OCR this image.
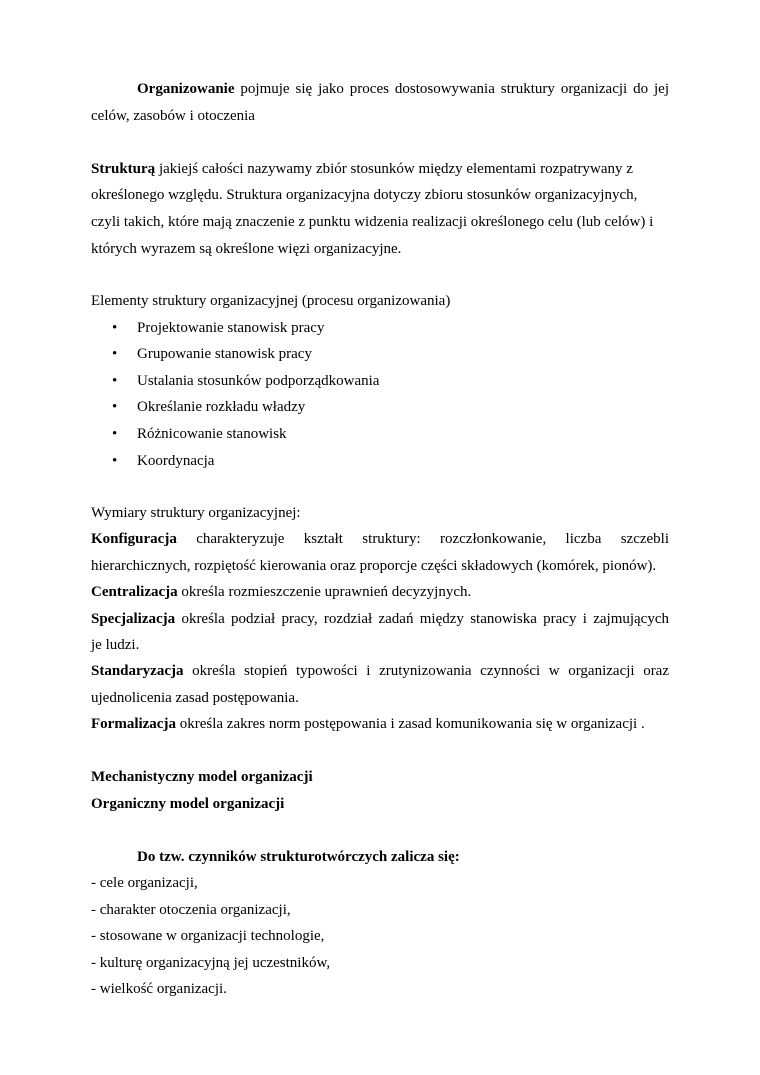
Organizowanie pojmuje się jako proces dostosowywania struktury organizacji do jej
celów, zasobów i otoczenia
Strukturą jakiejś całości nazywamy zbiór stosunków między elementami rozpatrywany z
określonego względu. Struktura organizacyjna dotyczy zbioru stosunków organizacyjnych,
czyli takich, które mają znaczenie z punktu widzenia realizacji określonego celu (lub celów) i
których wyrazem są określone więzi organizacyjne.
Elementy struktury organizacyjnej (procesu organizowania)
• Projektowanie stanowisk pracy
• Grupowanie stanowisk pracy
• Ustalania stosunków podporządkowania
• Określanie rozkładu władzy
• Różnicowanie stanowisk
• Koordynacja
Wymiary struktury organizacyjnej:
Konfiguracja charakteryzuje kształt struktury: rozczłonkowanie, liczba szczebli
hierarchicznych, rozpiętość kierowania oraz proporcje części składowych (komórek, pionów).
Centralizacja określa rozmieszczenie uprawnień decyzyjnych.
Specjalizacja określa podział pracy, rozdział zadań między stanowiska pracy i zajmujących
je ludzi.
Standaryzacja określa stopień typowości i zrutynizowania czynności w organizacji oraz
ujednolicenia zasad postępowania.
Formalizacja określa zakres norm postępowania i zasad komunikowania się w organizacji .
Mechanistyczny model organizacji
Organiczny model organizacji
Do tzw. czynników strukturotwórczych zalicza się:
- cele organizacji,
- charakter otoczenia organizacji,
- stosowane w organizacji technologie,
- kulturę organizacyjną jej uczestników,
- wielkość organizacji.
